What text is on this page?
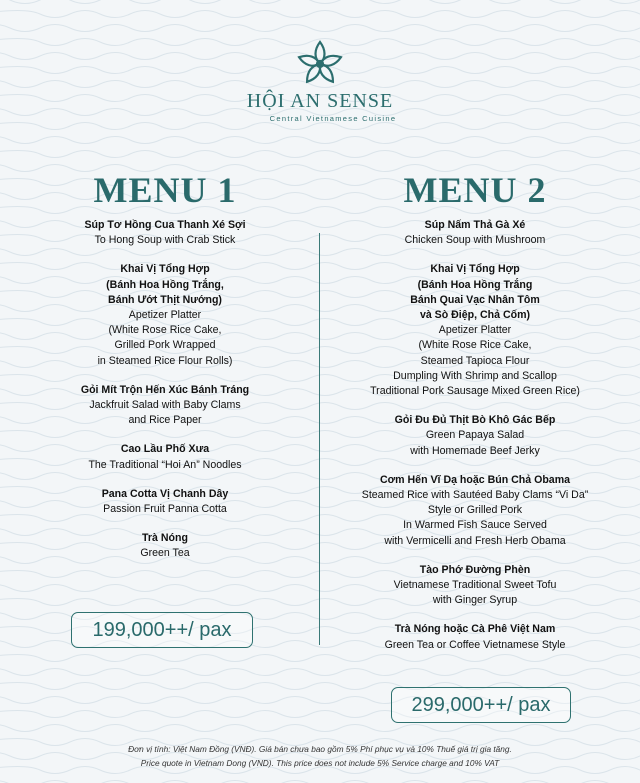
HỘI AN SENSE
Central Vietnamese Cuisine
MENU 1
Súp Tơ Hồng Cua Thanh Xé Sợi
To Hong Soup with Crab Stick
Khai Vị Tổng Hợp
(Bánh Hoa Hồng Trắng,
Bánh Ướt Thịt Nướng)
Apetizer Platter
(White Rose Rice Cake,
Grilled Pork Wrapped
in Steamed Rice Flour Rolls)
Gỏi Mít Trộn Hến Xúc Bánh Tráng
Jackfruit Salad with Baby Clams
and Rice Paper
Cao Lầu Phố Xưa
The Traditional “Hoi An” Noodles
Pana Cotta Vị Chanh Dây
Passion Fruit Panna Cotta
Trà Nóng
Green Tea
MENU 2
Súp Nấm Thả Gà Xé
Chicken Soup with Mushroom
Khai Vị Tổng Hợp
(Bánh Hoa Hồng Trắng
Bánh Quai Vạc Nhân Tôm
và Sò Điệp, Chả Cốm)
Apetizer Platter
(White Rose Rice Cake,
Steamed Tapioca Flour
Dumpling With Shrimp and Scallop
Traditional Pork Sausage Mixed Green Rice)
Gỏi Đu Đủ Thịt Bò Khô Gác Bếp
Green Papaya Salad
with Homemade Beef Jerky
Cơm Hến Vĩ Dạ hoặc Bún Chả Obama
Steamed Rice with Sautéed Baby Clams “Vi Da”
Style or Grilled Pork
In Warmed Fish Sauce Served
with Vermicelli and Fresh Herb Obama
Tào Phớ Đường Phèn
Vietnamese Traditional Sweet Tofu
with Ginger Syrup
Trà Nóng hoặc Cà Phê Việt Nam
Green Tea or Coffee Vietnamese Style
199,000++/ pax
299,000++/ pax
Đơn vị tính: Việt Nam Đồng (VNĐ). Giá bán chưa bao gồm 5% Phí phục vụ và 10% Thuế giá trị gia tăng.
Price quote in Vietnam Dong (VND). This price does not include 5% Service charge and 10% VAT
